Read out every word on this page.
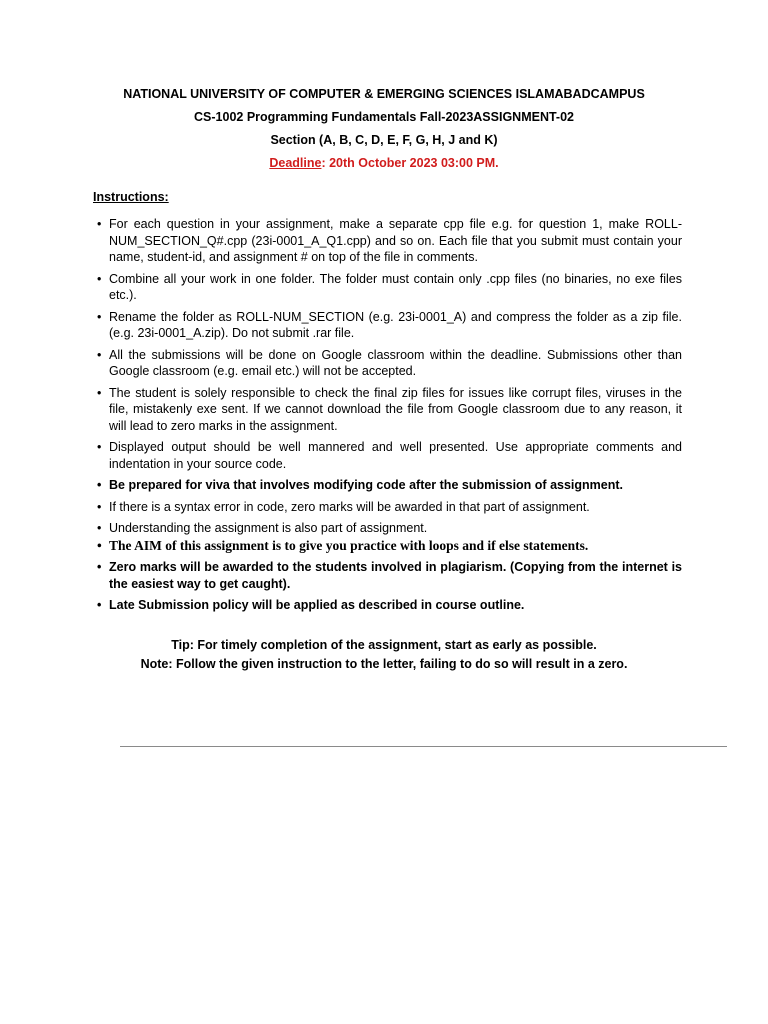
NATIONAL UNIVERSITY OF COMPUTER & EMERGING SCIENCES ISLAMABADCAMPUS
CS-1002 Programming Fundamentals Fall-2023ASSIGNMENT-02
Section (A, B, C, D, E, F, G, H, J and K)
Deadline: 20th October 2023 03:00 PM.
Instructions:
• For each question in your assignment, make a separate cpp file e.g. for question 1, make ROLL-NUM_SECTION_Q#.cpp (23i-0001_A_Q1.cpp) and so on. Each file that you submit must contain your name, student-id, and assignment # on top of the file in comments.
• Combine all your work in one folder. The folder must contain only .cpp files (no binaries, no exe files etc.).
• Rename the folder as ROLL-NUM_SECTION (e.g. 23i-0001_A) and compress the folder as a zip file. (e.g. 23i-0001_A.zip). Do not submit .rar file.
• All the submissions will be done on Google classroom within the deadline. Submissions other than Google classroom (e.g. email etc.) will not be accepted.
• The student is solely responsible to check the final zip files for issues like corrupt files, viruses in the file, mistakenly exe sent. If we cannot download the file from Google classroom due to any reason, it will lead to zero marks in the assignment.
• Displayed output should be well mannered and well presented. Use appropriate comments and indentation in your source code.
• Be prepared for viva that involves modifying code after the submission of assignment.
• If there is a syntax error in code, zero marks will be awarded in that part of assignment.
• Understanding the assignment is also part of assignment.
• The AIM of this assignment is to give you practice with loops and if else statements.
• Zero marks will be awarded to the students involved in plagiarism. (Copying from the internet is the easiest way to get caught).
• Late Submission policy will be applied as described in course outline.
Tip: For timely completion of the assignment, start as early as possible.
Note: Follow the given instruction to the letter, failing to do so will result in a zero.
